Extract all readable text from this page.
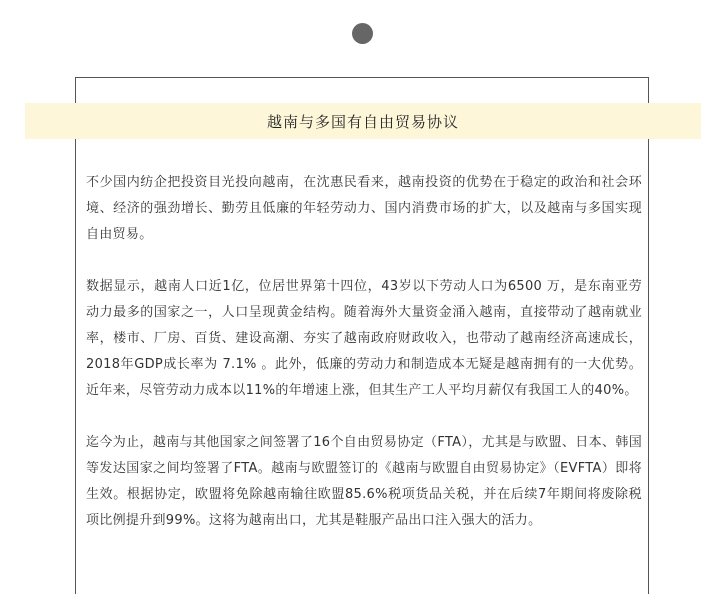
越南与多国有自由贸易协议

不少国内纺企把投资目光投向越南，在沈惠民看来，越南投资的优势在于稳定的政治和社会环境、经济的强劲增长、勤劳且低廉的年轻劳动力、国内消费市场的扩大，以及越南与多国实现自由贸易。

数据显示，越南人口近1亿，位居世界第十四位，43岁以下劳动人口为6500 万，是东南亚劳动力最多的国家之一，人口呈现黄金结构。随着海外大量资金涌入越南，直接带动了越南就业率，楼市、厂房、百货、建设高潮、夯实了越南政府财政收入，也带动了越南经济高速成长，2018年GDP成长率为 7.1% 。此外，低廉的劳动力和制造成本无疑是越南拥有的一大优势。近年来，尽管劳动力成本以11%的年增速上涨，但其生产工人平均月薪仅有我国工人的40%。

迄今为止，越南与其他国家之间签署了16个自由贸易协定（FTA），尤其是与欧盟、日本、韩国等发达国家之间均签署了FTA。越南与欧盟签订的《越南与欧盟自由贸易协定》（EVFTA）即将生效。根据协定，欧盟将免除越南输往欧盟85.6%税项货品关税，并在后续7年期间将废除税项比例提升到99%。这将为越南出口，尤其是鞋服产品出口注入强大的活力。
